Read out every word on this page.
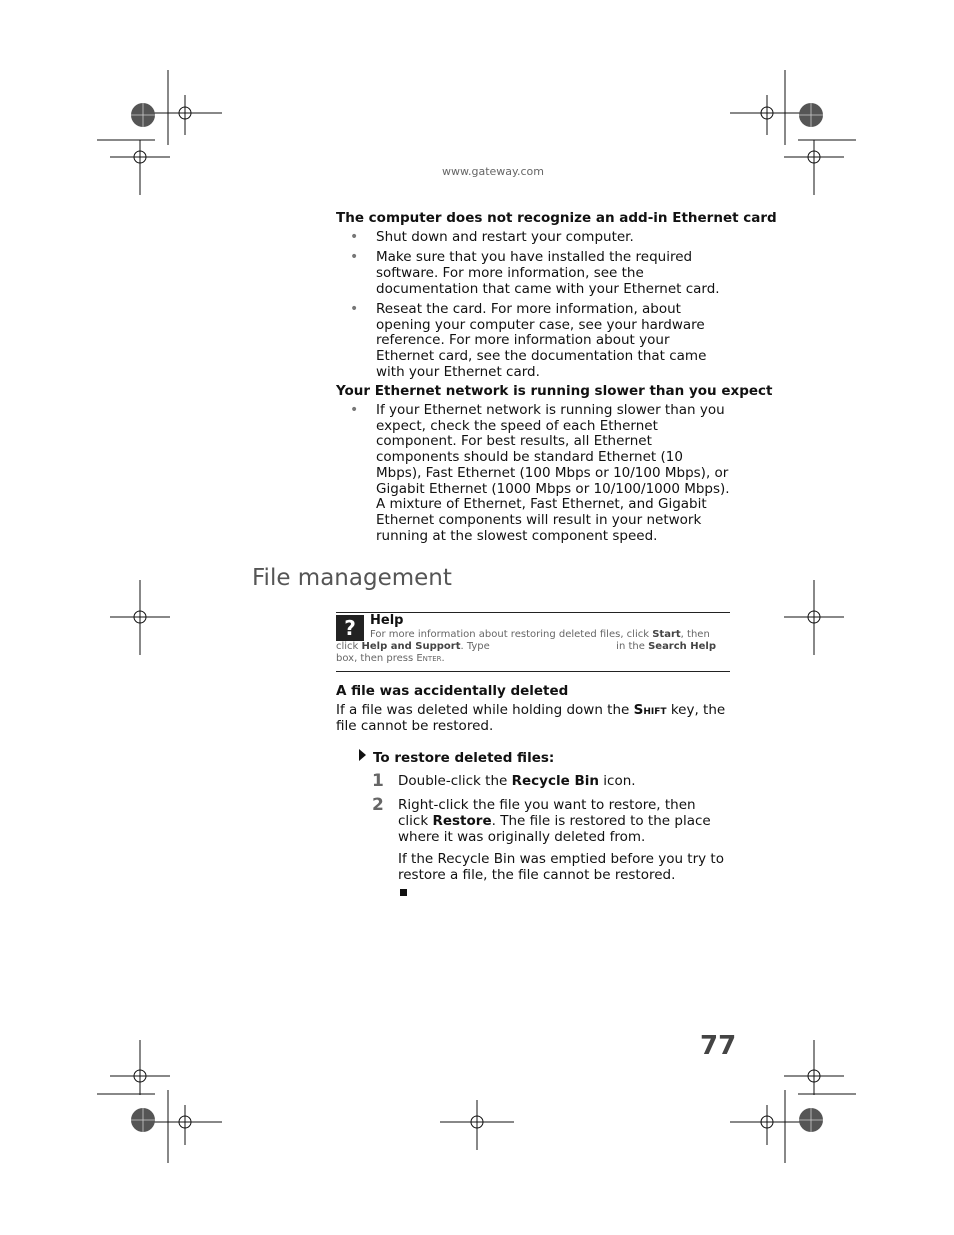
www.gateway.com
The computer does not recognize an add-in Ethernet card
• Shut down and restart your computer.
• Make sure that you have installed the required software. For more information, see the documentation that came with your Ethernet card.
• Reseat the card. For more information, about opening your computer case, see your hardware reference. For more information about your Ethernet card, see the documentation that came with your Ethernet card.
Your Ethernet network is running slower than you expect
• If your Ethernet network is running slower than you expect, check the speed of each Ethernet component. For best results, all Ethernet components should be standard Ethernet (10 Mbps), Fast Ethernet (100 Mbps or 10/100 Mbps), or Gigabit Ethernet (1000 Mbps or 10/100/1000 Mbps). A mixture of Ethernet, Fast Ethernet, and Gigabit Ethernet components will result in your network running at the slowest component speed.
File management
?	Help
For more information about restoring deleted files, click Start, then click Help and Support. Type	in the Search Help box, then press Enter.
A file was accidentally deleted
If a file was deleted while holding down the Shift key, the file cannot be restored.
To restore deleted files:
1 Double-click the Recycle Bin icon.
2 Right-click the file you want to restore, then click Restore. The file is restored to the place where it was originally deleted from.
If the Recycle Bin was emptied before you try to restore a file, the file cannot be restored.
77
